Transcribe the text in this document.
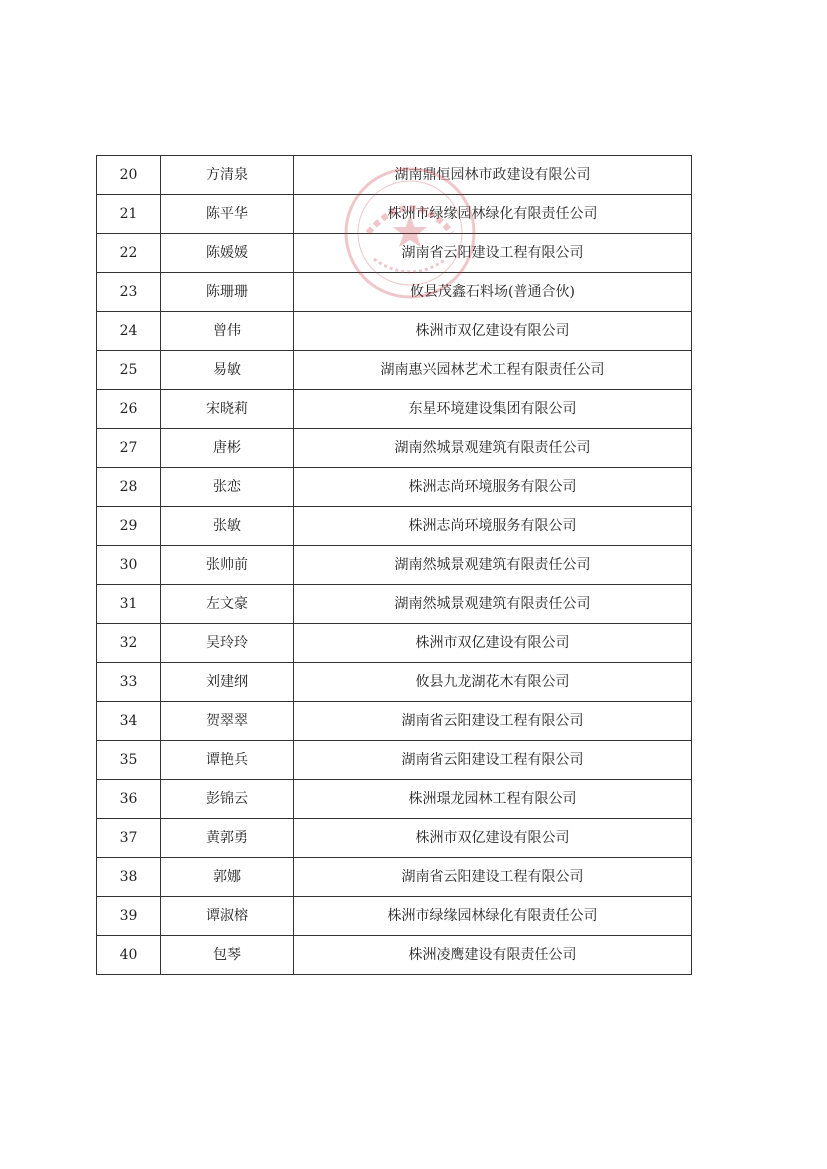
20	方清泉	湖南鼎恒园林市政建设有限公司
21	陈平华	株洲市绿缘园林绿化有限责任公司
22	陈媛媛	湖南省云阳建设工程有限公司
23	陈珊珊	攸县茂鑫石料场(普通合伙)
24	曾伟	株洲市双亿建设有限公司
25	易敏	湖南惠兴园林艺术工程有限责任公司
26	宋晓莉	东星环境建设集团有限公司
27	唐彬	湖南然城景观建筑有限责任公司
28	张恋	株洲志尚环境服务有限公司
29	张敏	株洲志尚环境服务有限公司
30	张帅前	湖南然城景观建筑有限责任公司
31	左文豪	湖南然城景观建筑有限责任公司
32	吴玲玲	株洲市双亿建设有限公司
33	刘建纲	攸县九龙湖花木有限公司
34	贺翠翠	湖南省云阳建设工程有限公司
35	谭艳兵	湖南省云阳建设工程有限公司
36	彭锦云	株洲璟龙园林工程有限公司
37	黄郭勇	株洲市双亿建设有限公司
38	郭娜	湖南省云阳建设工程有限公司
39	谭淑榕	株洲市绿缘园林绿化有限责任公司
40	包琴	株洲凌鹰建设有限责任公司
